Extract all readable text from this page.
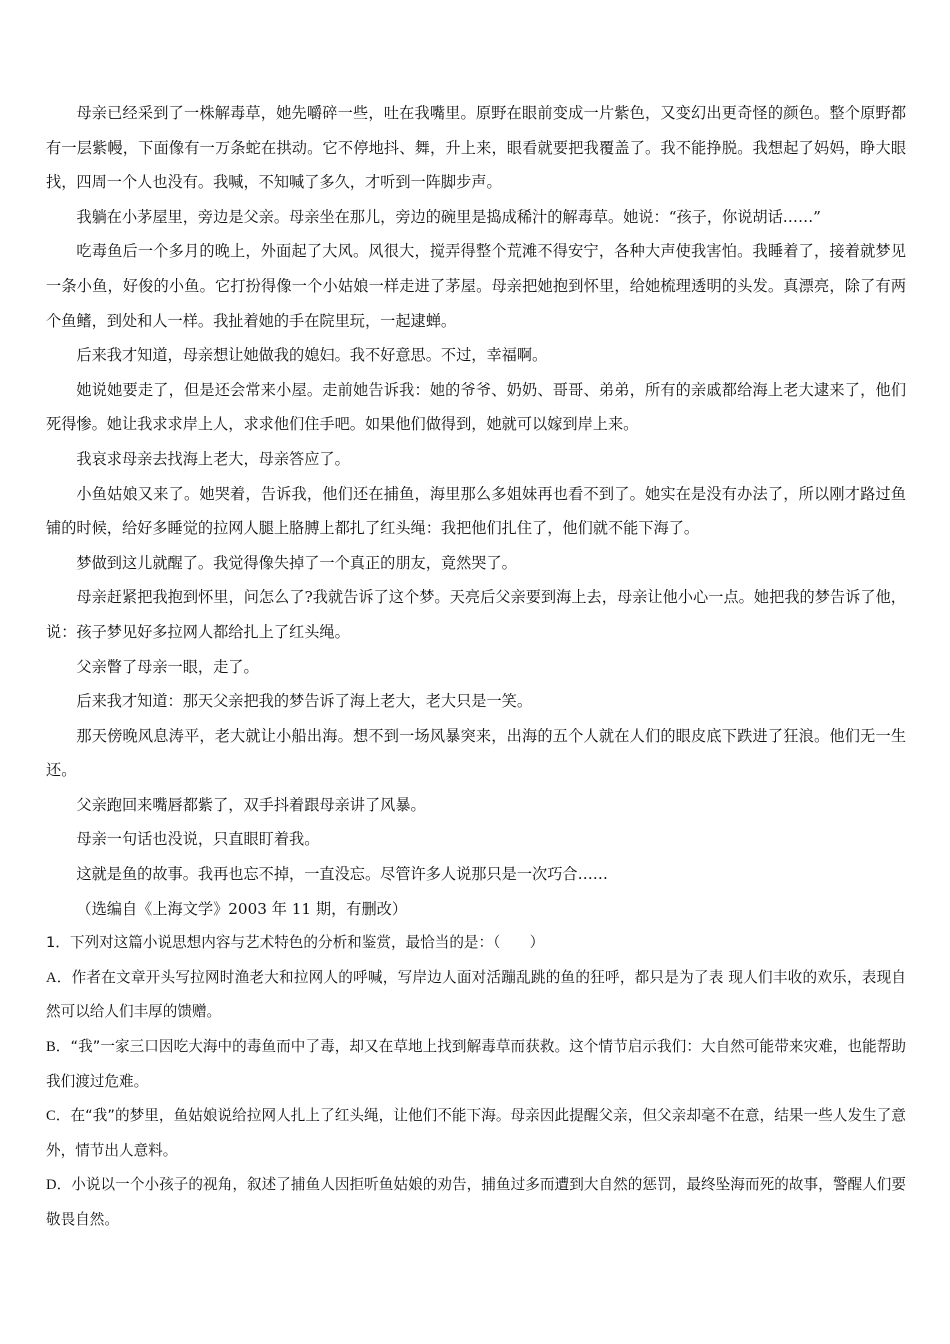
母亲已经采到了一株解毒草，她先嚼碎一些，吐在我嘴里。原野在眼前变成一片紫色，又变幻出更奇怪的颜色。整个原野都有一层紫幔，下面像有一万条蛇在拱动。它不停地抖、舞，升上来，眼看就要把我覆盖了。我不能挣脱。我想起了妈妈，睁大眼找，四周一个人也没有。我喊，不知喊了多久，才听到一阵脚步声。

我躺在小茅屋里，旁边是父亲。母亲坐在那儿，旁边的碗里是捣成稀汁的解毒草。她说：“孩子，你说胡话……”

吃毒鱼后一个多月的晚上，外面起了大风。风很大，搅弄得整个荒滩不得安宁，各种大声使我害怕。我睡着了，接着就梦见一条小鱼，好俊的小鱼。它打扮得像一个小姑娘一样走进了茅屋。母亲把她抱到怀里，给她梳理透明的头发。真漂亮，除了有两个鱼鳍，到处和人一样。我扯着她的手在院里玩，一起逮蝉。

后来我才知道，母亲想让她做我的媳妇。我不好意思。不过，幸福啊。

她说她要走了，但是还会常来小屋。走前她告诉我：她的爷爷、奶奶、哥哥、弟弟，所有的亲戚都给海上老大逮来了，他们死得惨。她让我求求岸上人，求求他们住手吧。如果他们做得到，她就可以嫁到岸上来。

我哀求母亲去找海上老大，母亲答应了。

小鱼姑娘又来了。她哭着，告诉我，他们还在捕鱼，海里那么多姐妹再也看不到了。她实在是没有办法了，所以刚才路过鱼铺的时候，给好多睡觉的拉网人腿上胳膊上都扎了红头绳：我把他们扎住了，他们就不能下海了。

梦做到这儿就醒了。我觉得像失掉了一个真正的朋友，竟然哭了。

母亲赶紧把我抱到怀里，问怎么了?我就告诉了这个梦。天亮后父亲要到海上去，母亲让他小心一点。她把我的梦告诉了他，说：孩子梦见好多拉网人都给扎上了红头绳。

父亲瞥了母亲一眼，走了。

后来我才知道：那天父亲把我的梦告诉了海上老大，老大只是一笑。

那天傍晚风息涛平，老大就让小船出海。想不到一场风暴突来，出海的五个人就在人们的眼皮底下跌进了狂浪。他们无一生还。

父亲跑回来嘴唇都紫了，双手抖着跟母亲讲了风暴。

母亲一句话也没说，只直眼盯着我。

这就是鱼的故事。我再也忘不掉，一直没忘。尽管许多人说那只是一次巧合……

（选编自《上海文学》2003 年 11 期，有删改）

1．下列对这篇小说思想内容与艺术特色的分析和鉴赏，最恰当的是：（　　）

A．作者在文章开头写拉网时渔老大和拉网人的呼喊，写岸边人面对活蹦乱跳的鱼的狂呼，都只是为了表 现人们丰收的欢乐，表现自然可以给人们丰厚的馈赠。

B．“我”一家三口因吃大海中的毒鱼而中了毒，却又在草地上找到解毒草而获救。这个情节启示我们：大自然可能带来灾难，也能帮助我们渡过危难。

C．在“我”的梦里，鱼姑娘说给拉网人扎上了红头绳，让他们不能下海。母亲因此提醒父亲，但父亲却毫不在意，结果一些人发生了意外，情节出人意料。

D．小说以一个小孩子的视角，叙述了捕鱼人因拒听鱼姑娘的劝告，捕鱼过多而遭到大自然的惩罚，最终坠海而死的故事，警醒人们要敬畏自然。
